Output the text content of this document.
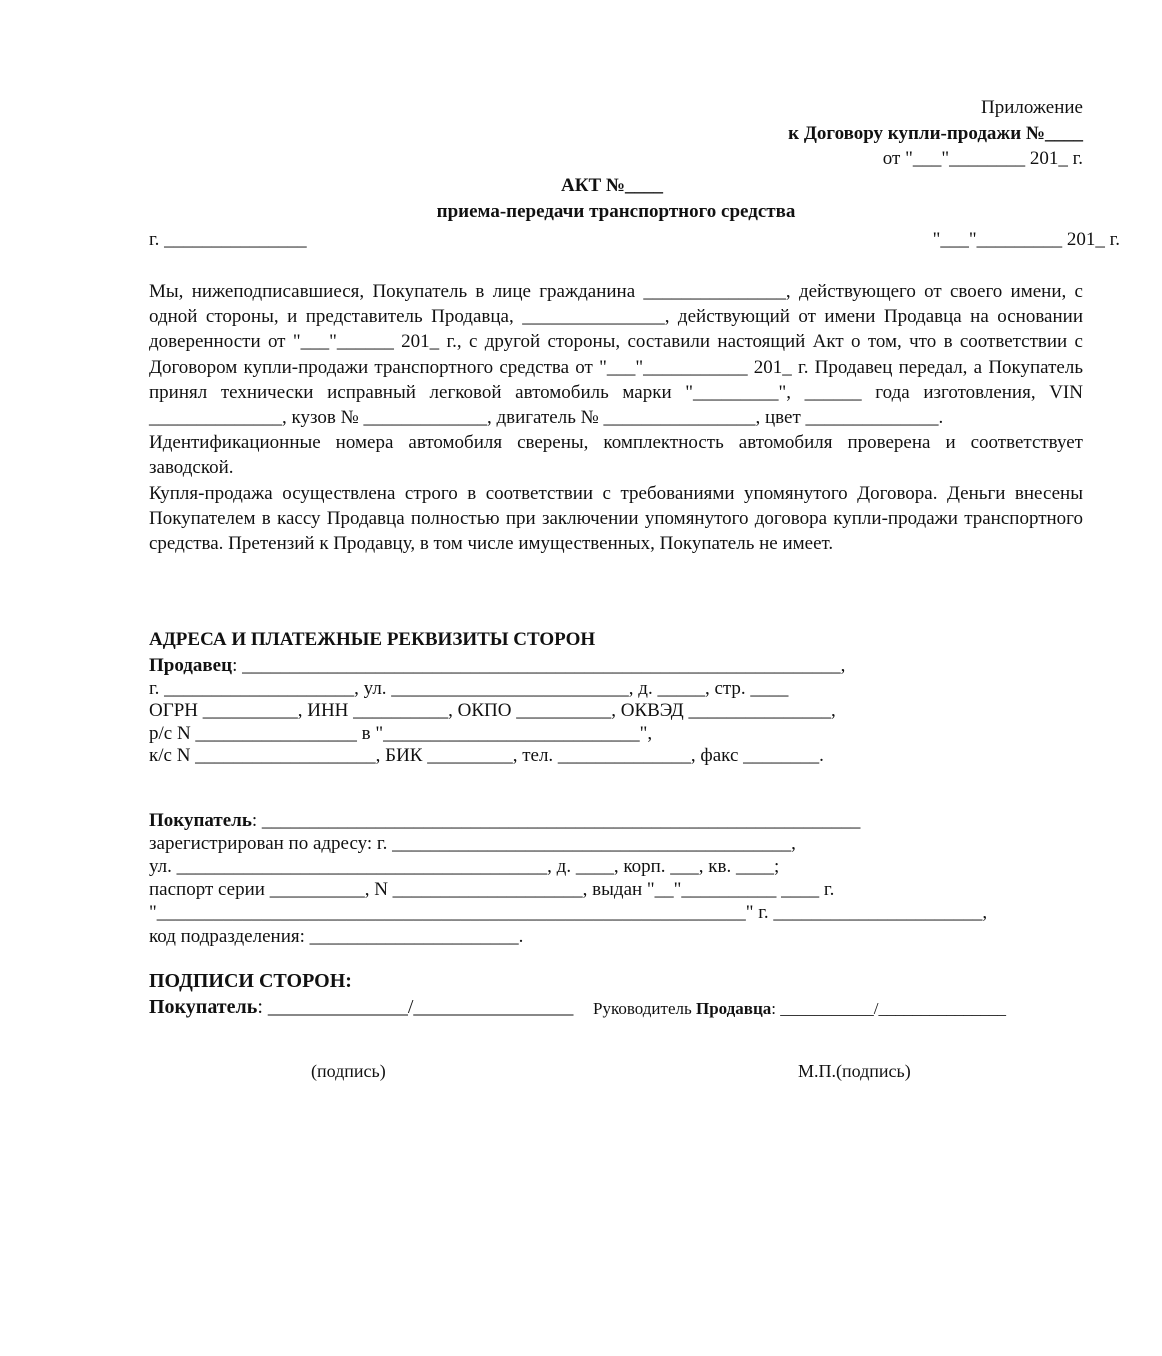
Приложение
к Договору купли-продажи №____
от "___"________ 201_ г.
АКТ №____
приема-передачи транспортного средства
г. _______________	"___"_________ 201_ г.

Мы, нижеподписавшиеся, Покупатель в лице гражданина _______________, действующего от своего имени, с одной стороны, и представитель Продавца, _______________, действующий от имени Продавца на основании доверенности от "___"______ 201_ г., с другой стороны, составили настоящий Акт о том, что в соответствии с Договором купли-продажи транспортного средства от "___"___________ 201_ г. Продавец передал, а Покупатель принял технически исправный легковой автомобиль марки "_________", ______ года изготовления, VIN ______________, кузов № _____________, двигатель № ________________, цвет ______________.

Идентификационные номера автомобиля сверены, комплектность автомобиля проверена и соответствует заводской.

Купля-продажа осуществлена строго в соответствии с требованиями упомянутого Договора. Деньги внесены Покупателем в кассу Продавца полностью при заключении упомянутого договора купли-продажи транспортного средства. Претензий к Продавцу, в том числе имущественных, Покупатель не имеет.

АДРЕСА И ПЛАТЕЖНЫЕ РЕКВИЗИТЫ СТОРОН
Продавец: _______________________________________________________________,
г. ____________________, ул. _________________________, д. _____, стр. ____
ОГРН __________, ИНН __________, ОКПО __________, ОКВЭД _______________,
р/с N _________________ в "___________________________",
к/с N ___________________, БИК _________, тел. ______________, факс ________.
Покупатель: _______________________________________________________________
зарегистрирован по адресу: г. __________________________________________,
ул. _______________________________________, д. ____, корп. ___, кв. ____;
паспорт серии __________, N ____________________, выдан "__"__________ ____ г.
"______________________________________________________________" г. ______________________,
код подразделения: ______________________.
ПОДПИСИ СТОРОН:
Покупатель: ______________/________________ Руководитель Продавца: ___________/_______________
(подпись)	М.П.(подпись)
